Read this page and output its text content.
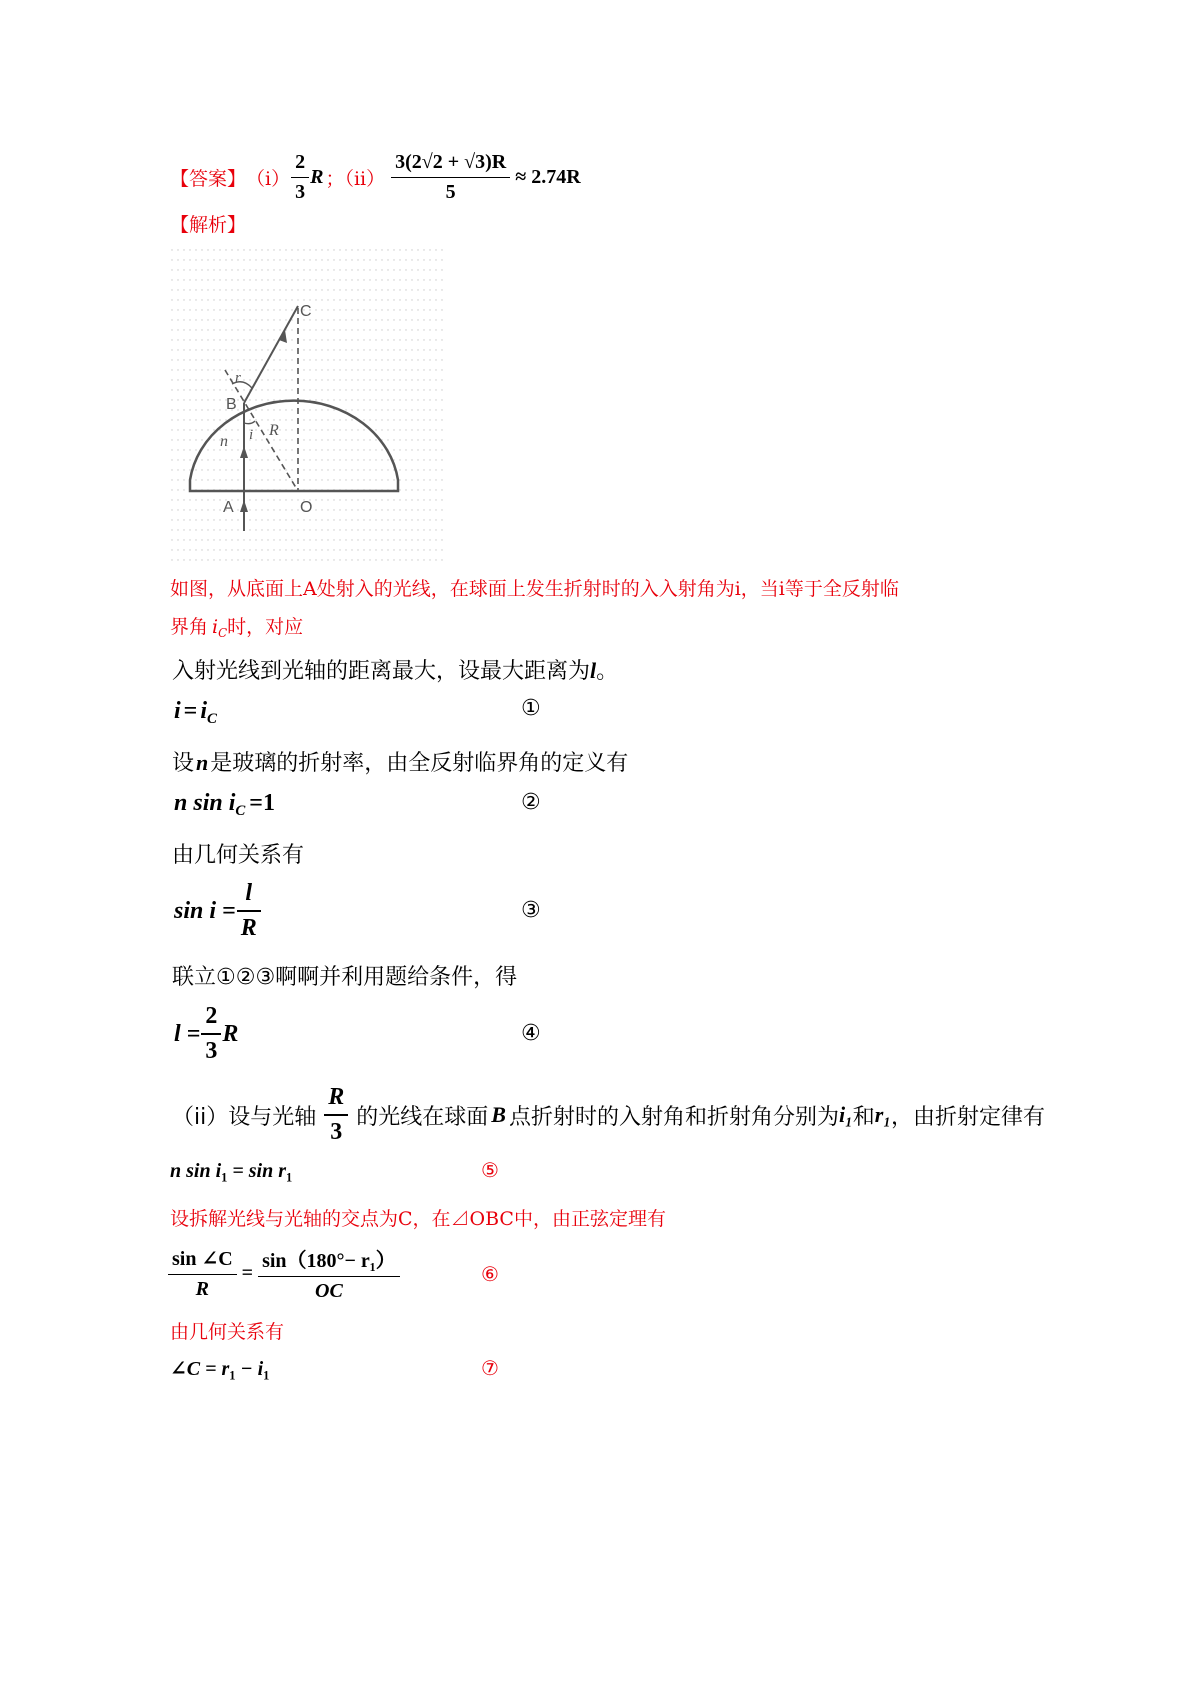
【答案】 $(i) \frac{2}{3}$ R ；$(ii) \frac{3(2√2 + √3)R}{5} \approx 2.74R$
【解析】
C
B
r
i R
n
A	O
如图，从底面上A处射入的光线，在球面上发生折射时的入入射角为i，当i等于全反射临
界角 $i_C$时，对应
入射光线到光轴的距离最大，设最大距离为l。
$i = i_C$	①
设n是玻璃的折射率，由全反射临界角的定义有
n $\sin i_C =1$	②
由几何关系有
$\sin i = \frac{l}{R}$	③
联立①②③啊啊并利用题给条件，得
$l = \frac{2}{3}$ R	④
（ii）设与光轴 $\frac{R}{3}$ 的光线在球面 B 点折射时的入射角和折射角分别为 i₁ 和 r₁ ，由折射定律有
n $\sin i_1 = \sin r_1$	⑤
设拆解光线与光轴的交点为C，在⊿OBC中，由正弦定理有
$\frac{\sin \angle C}{R} = \frac{\text{sin（180°− r₁）}}{OC}$	⑥
由几何关系有
∠C = $r_1 - i_1$	⑦
